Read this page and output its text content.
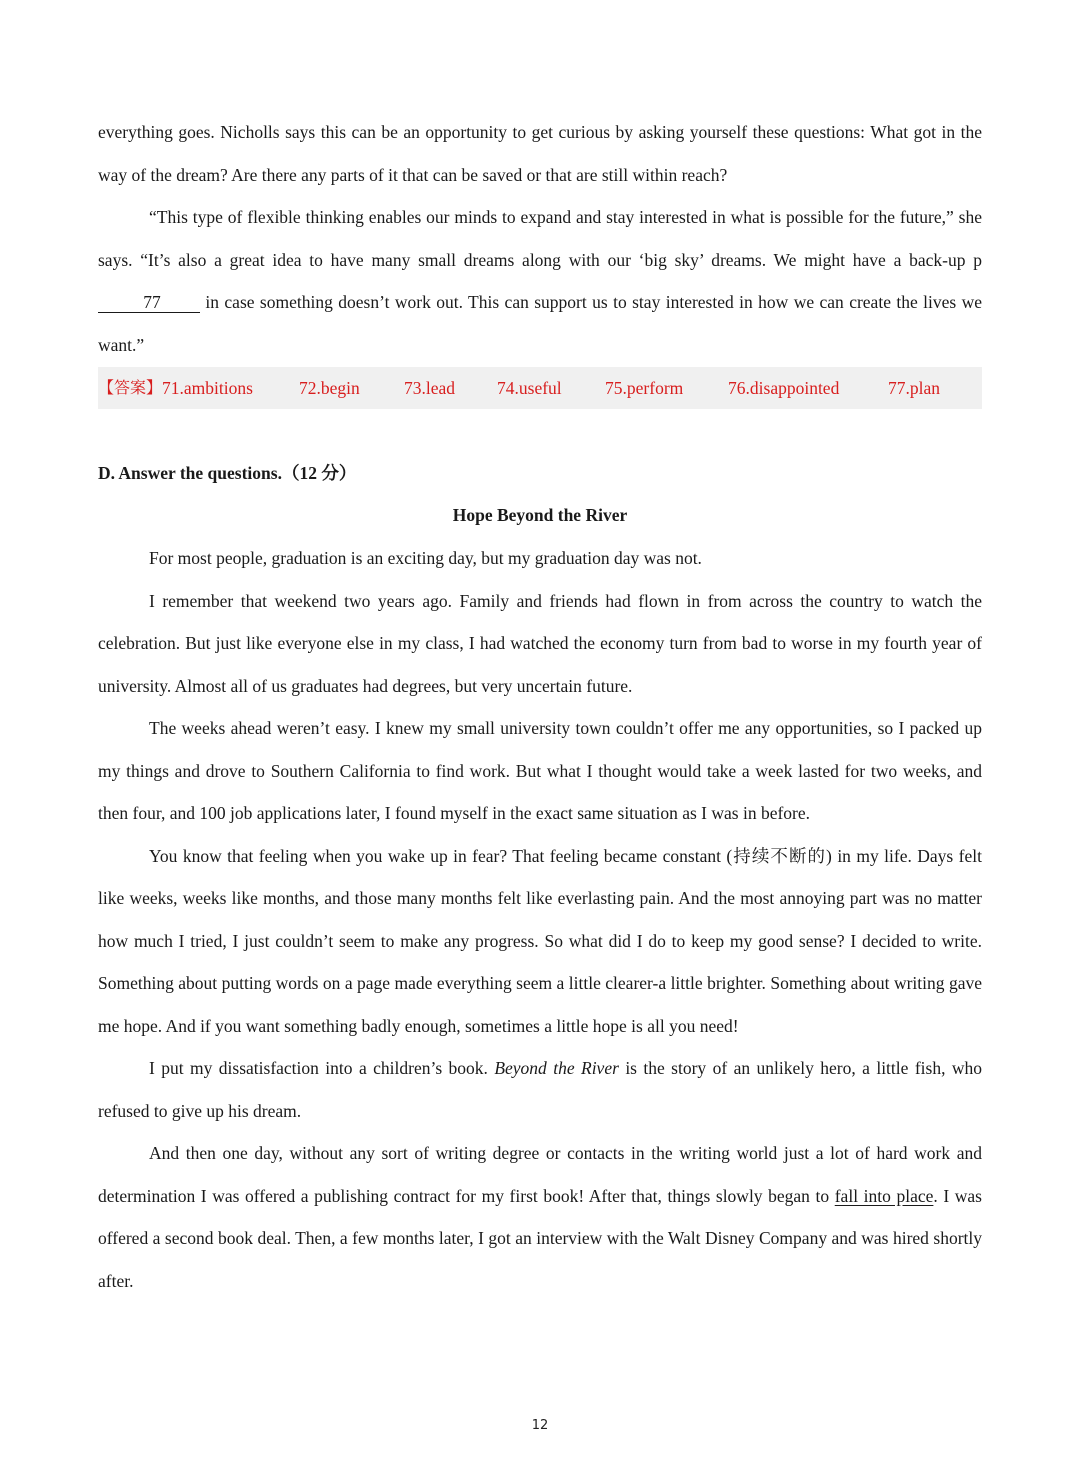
everything goes. Nicholls says this can be an opportunity to get curious by asking yourself these questions: What got in the way of the dream? Are there any parts of it that can be saved or that are still within reach?

“This type of flexible thinking enables our minds to expand and stay interested in what is possible for the future,” she says. “It’s also a great idea to have many small dreams along with our ‘big sky’ dreams. We might have a back-up p77 in case something doesn’t work out. This can support us to stay interested in how we can create the lives we want.”

【答案】 71.ambitions	72.begin	73.lead	74.useful	75.perform	76.disappointed	77.plan

D. Answer the questions.（12 分）

Hope Beyond the River

For most people, graduation is an exciting day, but my graduation day was not.

I remember that weekend two years ago. Family and friends had flown in from across the country to watch the celebration. But just like everyone else in my class, I had watched the economy turn from bad to worse in my fourth year of university. Almost all of us graduates had degrees, but very uncertain future.

The weeks ahead weren’t easy. I knew my small university town couldn’t offer me any opportunities, so I packed up my things and drove to Southern California to find work. But what I thought would take a week lasted for two weeks, and then four, and 100 job applications later, I found myself in the exact same situation as I was in before.

You know that feeling when you wake up in fear? That feeling became constant (持续不断的) in my life. Days felt like weeks, weeks like months, and those many months felt like everlasting pain. And the most annoying part was no matter how much I tried, I just couldn’t seem to make any progress. So what did I do to keep my good sense? I decided to write. Something about putting words on a page made everything seem a little clearer-a little brighter. Something about writing gave me hope. And if you want something badly enough, sometimes a little hope is all you need!

I put my dissatisfaction into a children’s book. Beyond the River is the story of an unlikely hero, a little fish, who refused to give up his dream.

And then one day, without any sort of writing degree or contacts in the writing world just a lot of hard work and determination I was offered a publishing contract for my first book! After that, things slowly began to fall into place. I was offered a second book deal. Then, a few months later, I got an interview with the Walt Disney Company and was hired shortly after.

12
